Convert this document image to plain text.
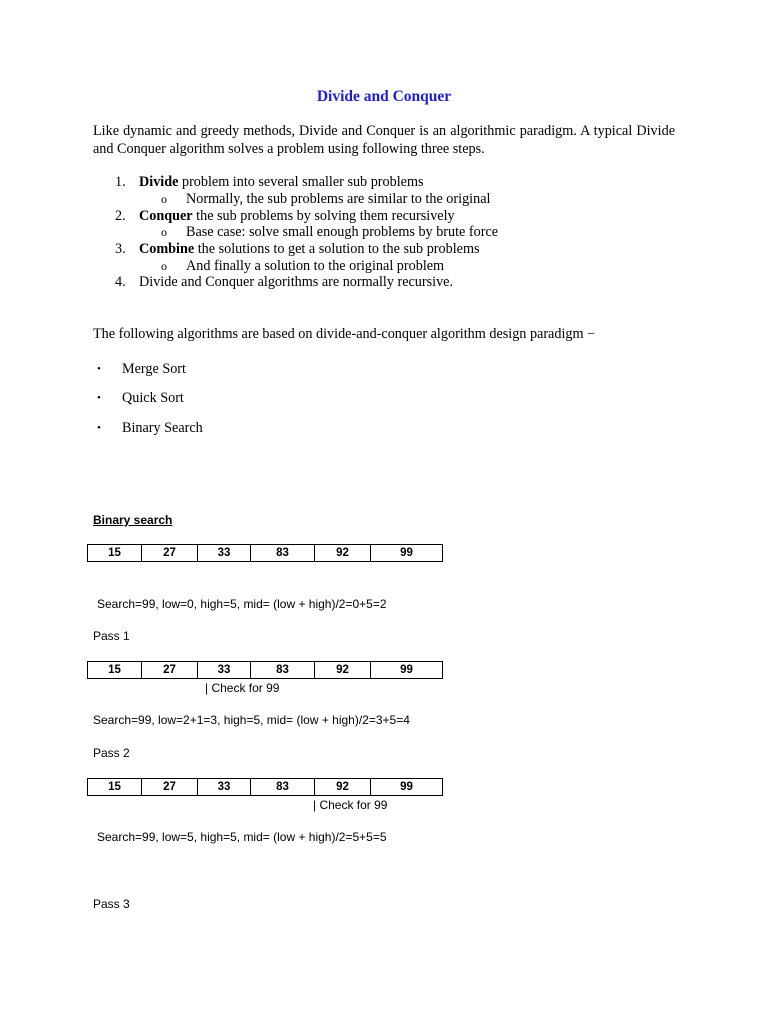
Divide and Conquer
Like dynamic and greedy methods, Divide and Conquer is an algorithmic paradigm. A typical Divide and Conquer algorithm solves a problem using following three steps.
1. Divide problem into several smaller sub problems
o Normally, the sub problems are similar to the original
2. Conquer the sub problems by solving them recursively
o Base case: solve small enough problems by brute force
3. Combine the solutions to get a solution to the sub problems
o And finally a solution to the original problem
4. Divide and Conquer algorithms are normally recursive.
The following algorithms are based on divide-and-conquer algorithm design paradigm −
• Merge Sort
• Quick Sort
• Binary Search
Binary search
15	27	33	83	92	99
Search=99, low=0, high=5, mid= (low + high)/2=0+5=2
Pass 1
15	27	33	83	92	99
| Check for 99
Search=99, low=2+1=3, high=5, mid= (low + high)/2=3+5=4
Pass 2
15	27	33	83	92	99
| Check for 99
Search=99, low=5, high=5, mid= (low + high)/2=5+5=5
Pass 3
